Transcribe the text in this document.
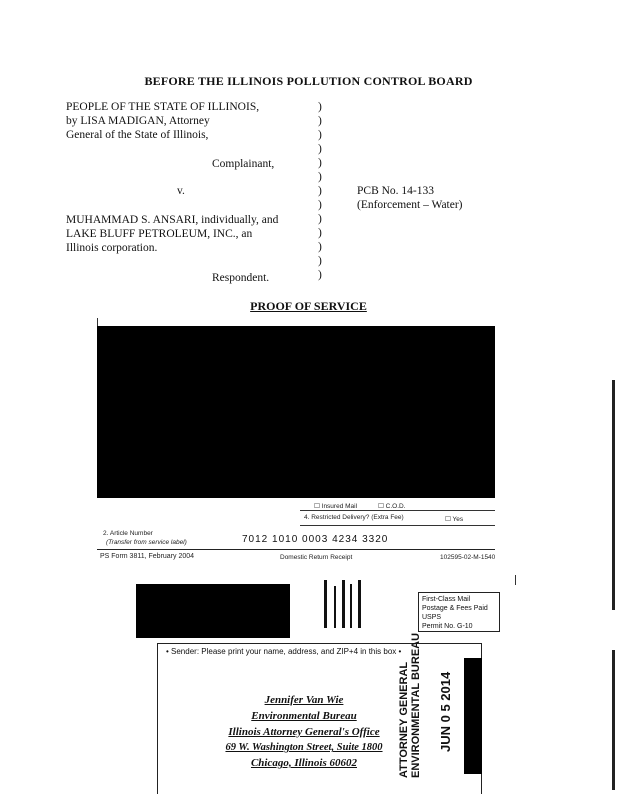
BEFORE THE ILLINOIS POLLUTION CONTROL BOARD
PEOPLE OF THE STATE OF ILLINOIS,
by LISA MADIGAN, Attorney
General of the State of Illinois,
Complainant,
v.
MUHAMMAD S. ANSARI, individually, and
LAKE BLUFF PETROLEUM, INC., an
Illinois corporation.
Respondent.
)
)
)
)
)
)
)
)
)
)
)
)
)
PCB No. 14-133
(Enforcement – Water)
PROOF OF SERVICE
☐ Insured Mail	☐ C.O.D.
4. Restricted Delivery? (Extra Fee)	☐ Yes
2. Article Number
(Transfer from service label)	7012 1010 0003 4234 3320
PS Form 3811, February 2004	Domestic Return Receipt	102595-02-M-1540
First-Class Mail
Postage & Fees Paid
USPS
Permit No. G-10
• Sender: Please print your name, address, and ZIP+4 in this box •
Jennifer Van Wie
Environmental Bureau
Illinois Attorney General's Office
69 W. Washington Street, Suite 1800
Chicago, Illinois 60602	ATTORNEY GENERAL ENVIRONMENTAL BUREAU JUN 0 5 2014
